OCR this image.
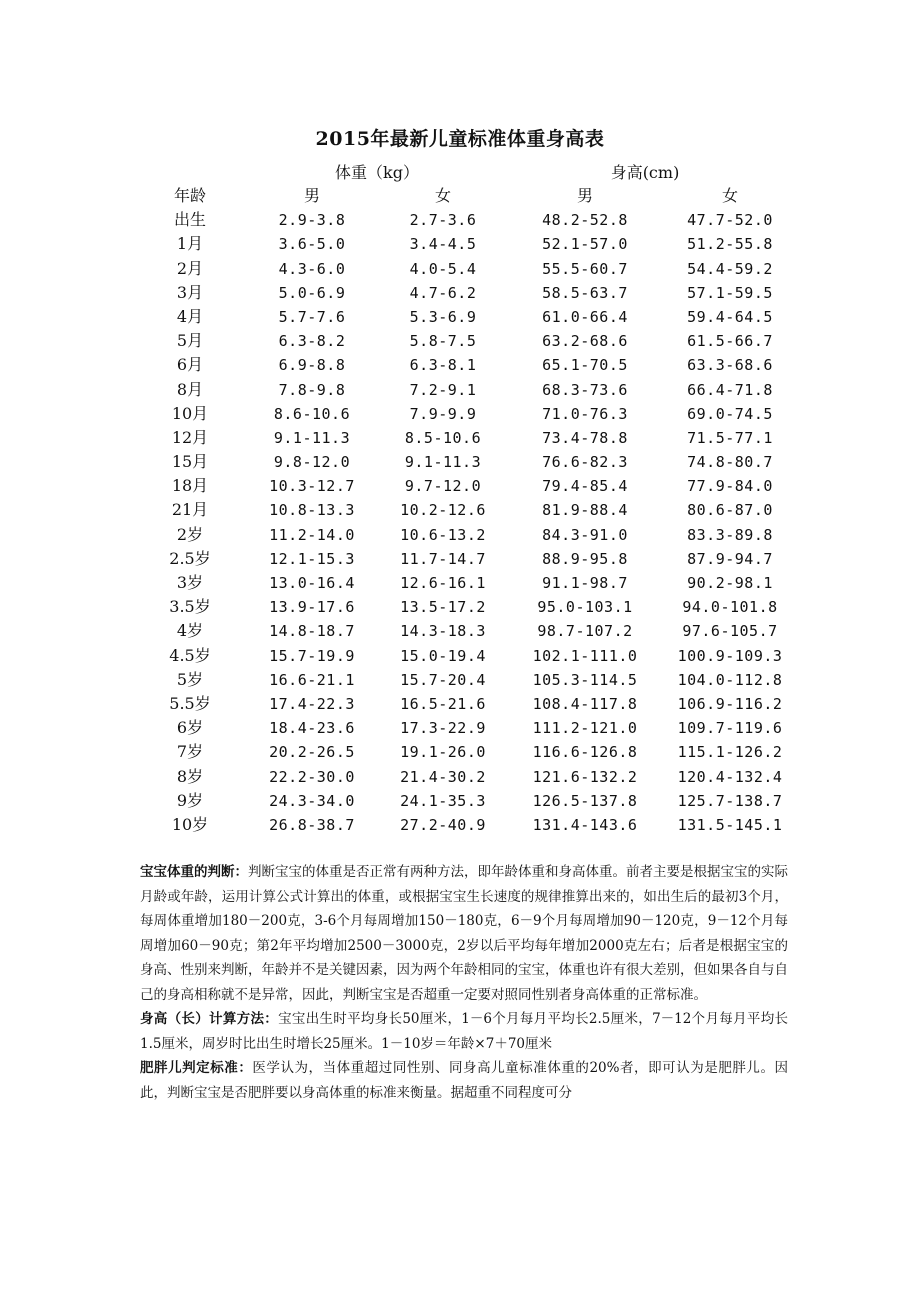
2015年最新儿童标准体重身高表
体重（kg）	身高(cm)
年龄	男	女	男	女
出生	2.9-3.8	2.7-3.6	48.2-52.8	47.7-52.0
1月	3.6-5.0	3.4-4.5	52.1-57.0	51.2-55.8
2月	4.3-6.0	4.0-5.4	55.5-60.7	54.4-59.2
3月	5.0-6.9	4.7-6.2	58.5-63.7	57.1-59.5
4月	5.7-7.6	5.3-6.9	61.0-66.4	59.4-64.5
5月	6.3-8.2	5.8-7.5	63.2-68.6	61.5-66.7
6月	6.9-8.8	6.3-8.1	65.1-70.5	63.3-68.6
8月	7.8-9.8	7.2-9.1	68.3-73.6	66.4-71.8
10月	8.6-10.6	7.9-9.9	71.0-76.3	69.0-74.5
12月	9.1-11.3	8.5-10.6	73.4-78.8	71.5-77.1
15月	9.8-12.0	9.1-11.3	76.6-82.3	74.8-80.7
18月	10.3-12.7	9.7-12.0	79.4-85.4	77.9-84.0
21月	10.8-13.3	10.2-12.6	81.9-88.4	80.6-87.0
2岁	11.2-14.0	10.6-13.2	84.3-91.0	83.3-89.8
2.5岁	12.1-15.3	11.7-14.7	88.9-95.8	87.9-94.7
3岁	13.0-16.4	12.6-16.1	91.1-98.7	90.2-98.1
3.5岁	13.9-17.6	13.5-17.2	95.0-103.1	94.0-101.8
4岁	14.8-18.7	14.3-18.3	98.7-107.2	97.6-105.7
4.5岁	15.7-19.9	15.0-19.4	102.1-111.0	100.9-109.3
5岁	16.6-21.1	15.7-20.4	105.3-114.5	104.0-112.8
5.5岁	17.4-22.3	16.5-21.6	108.4-117.8	106.9-116.2
6岁	18.4-23.6	17.3-22.9	111.2-121.0	109.7-119.6
7岁	20.2-26.5	19.1-26.0	116.6-126.8	115.1-126.2
8岁	22.2-30.0	21.4-30.2	121.6-132.2	120.4-132.4
9岁	24.3-34.0	24.1-35.3	126.5-137.8	125.7-138.7
10岁	26.8-38.7	27.2-40.9	131.4-143.6	131.5-145.1

宝宝体重的判断：判断宝宝的体重是否正常有两种方法，即年龄体重和身高体重。前者主要是根据宝宝的实际月龄或年龄，运用计算公式计算出的体重，或根据宝宝生长速度的规律推算出来的，如出生后的最初3个月，每周体重增加180－200克，3-6个月每周增加150－180克，6－9个月每周增加90－120克，9－12个月每周增加60－90克；第2年平均增加2500－3000克，2岁以后平均每年增加2000克左右；后者是根据宝宝的身高、性别来判断，年龄并不是关键因素，因为两个年龄相同的宝宝，体重也许有很大差别，但如果各自与自己的身高相称就不是异常，因此，判断宝宝是否超重一定要对照同性别者身高体重的正常标准。

身高（长）计算方法：宝宝出生时平均身长50厘米，1－6个月每月平均长2.5厘米，7－12个月每月平均长1.5厘米，周岁时比出生时增长25厘米。1－10岁＝年龄×7＋70厘米

肥胖儿判定标准：医学认为，当体重超过同性别、同身高儿童标准体重的20%者，即可认为是肥胖儿。因此，判断宝宝是否肥胖要以身高体重的标准来衡量。据超重不同程度可分
